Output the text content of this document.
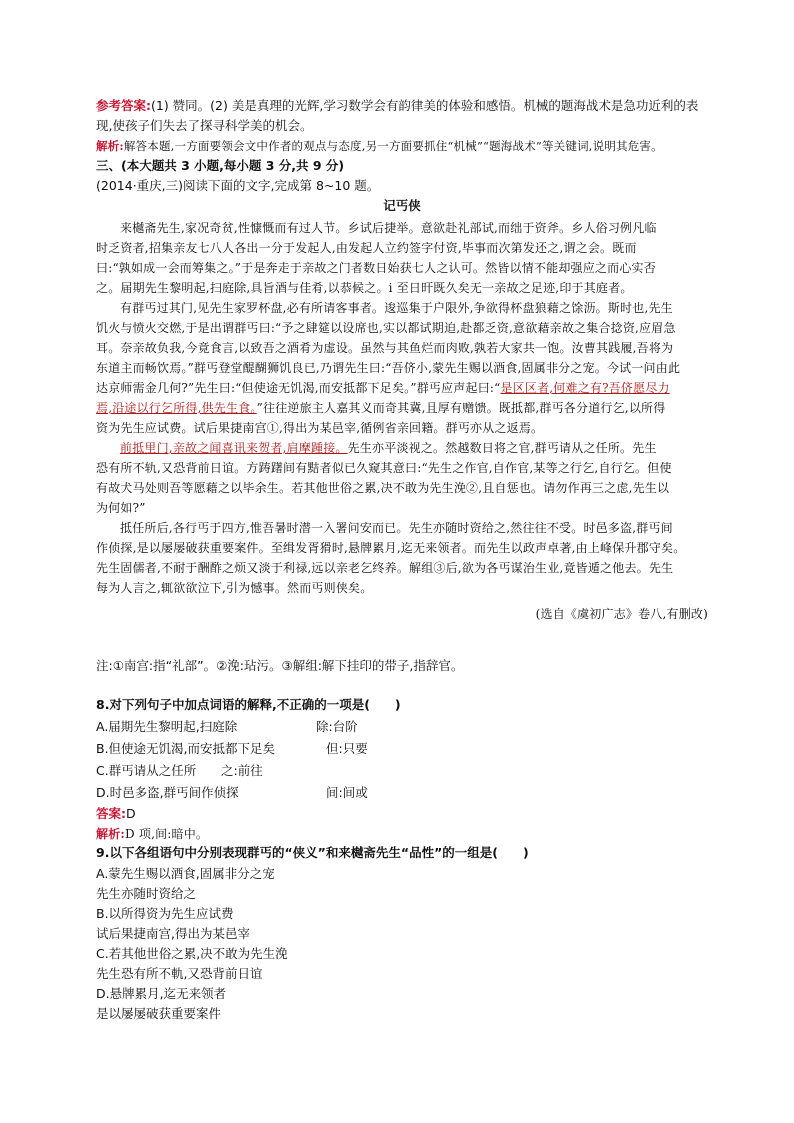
参考答案:(1) 赞同。(2) 美是真理的光辉,学习数学会有韵律美的体验和感悟。机械的题海战术是急功近利的表
现,使孩子们失去了探寻科学美的机会。
解析:解答本题,一方面要领会文中作者的观点与态度,另一方面要抓住“机械”“题海战术”等关键词,说明其危害。
三、(本大题共 3 小题,每小题 3 分,共 9 分)
(2014·重庆,三)阅读下面的文字,完成第 8~10 题。
记丐侠
来樾斋先生,家况奇贫,性慷慨而有过人节。乡试后捷举。意欲赴礼部试,而绌于资斧。乡人俗习例凡临
时乏资者,招集亲友七八人各出一分于发起人,由发起人立约签字付资,毕事而次第发还之,谓之会。既而
曰:“孰如成一会而筹集之。”于是奔走于亲故之门者数日始获七人之认可。然皆以情不能却强应之而心实否
之。届期先生黎明起,扫庭除,具旨酒与佳肴,以恭候之。ⅰ 至日旰既久矣无一亲故之足迹,印于其庭者。
有群丐过其门,见先生家罗杯盘,必有所请客事者。逡巡集于户限外,争欲得杯盘狼藉之馀沥。斯时也,先生
饥火与愤火交燃,于是出谓群丐曰:“予之肆筵以设席也,实以都试期迫,赴都乏资,意欲藉亲故之集合捻资,应眉急
耳。奈亲故负我,今竟食言,以致吾之酒肴为虚设。虽然与其鱼烂而肉败,孰若大家共一饱。汝曹其践履,吾将为
东道主而畅饮焉。”群丐登堂醍醐狮饥良已,乃谓先生曰:“吾侪小,蒙先生赐以酒食,固属非分之宠。今试一问由此
达京师需金几何?”先生曰:“但使途无饥渴,而安抵都下足矣。”群丐应声起曰:“是区区者,何难之有?吾侪愿尽力
焉,沿途以行乞所得,供先生食。”往往逆旅主人嘉其义而奇其冀,且厚有赠馈。既抵都,群丐各分道行乞,以所得
资为先生应试费。试后果捷南宫①,得出为某邑宰,循例省亲回籍。群丐亦从之返焉。
前抵里门,亲故之闻喜讯来贺者,肩摩踵接。先生亦平淡视之。然越数日将之官,群丐请从之任所。先生
恐有所不轨,又恐背前日谊。方踌躇间有黠者似已久窥其意曰:“先生之作官,自作官,某等之行乞,自行乞。但使
有故犬马处则吾等愿藉之以毕余生。若其他世俗之累,决不敢为先生浼②,且自惩也。请勿作再三之虑,先生以
为何如?”
抵任所后,各行丐于四方,惟吾暑时潜一入署问安而已。先生亦随时资给之,然往往不受。时邑多盗,群丐间
作侦探,是以屡屡破获重要案件。至缉发胥猾时,悬牌累月,迄无来领者。而先生以政声卓著,由上峰保升郡守矣。
先生固儒者,不耐于酬酢之烦又淡于利禄,远以亲老乞终养。解组③后,欲为各丐谋治生业,竟皆遁之他去。先生
每为人言之,辄欲欲泣下,引为憾事。然而丐则侠矣。
(选自《虞初广志》卷八,有删改)
注:①南宫:指“礼部”。②浼:玷污。③解组:解下挂印的带子,指辞官。
8.对下列句子中加点词语的解释,不正确的一项是(　　)
A.届期先生黎明起,扫庭除	除:台阶
B.但使途无饥渴,而安抵都下足矣	但:只要
C.群丐请从之任所	之:前往
D.时邑多盗,群丐间作侦探	间:间或
答案:D
解析:D 项,间:暗中。
9.以下各组语句中分别表现群丐的“侠义”和来樾斋先生“品性”的一组是(　　)
A.蒙先生赐以酒食,固属非分之宠
先生亦随时资给之
B.以所得资为先生应试费
试后果捷南宫,得出为某邑宰
C.若其他世俗之累,决不敢为先生浼
先生恐有所不軌,又恐背前日谊
D.悬牌累月,迄无来领者
是以屡屡破获重要案件
